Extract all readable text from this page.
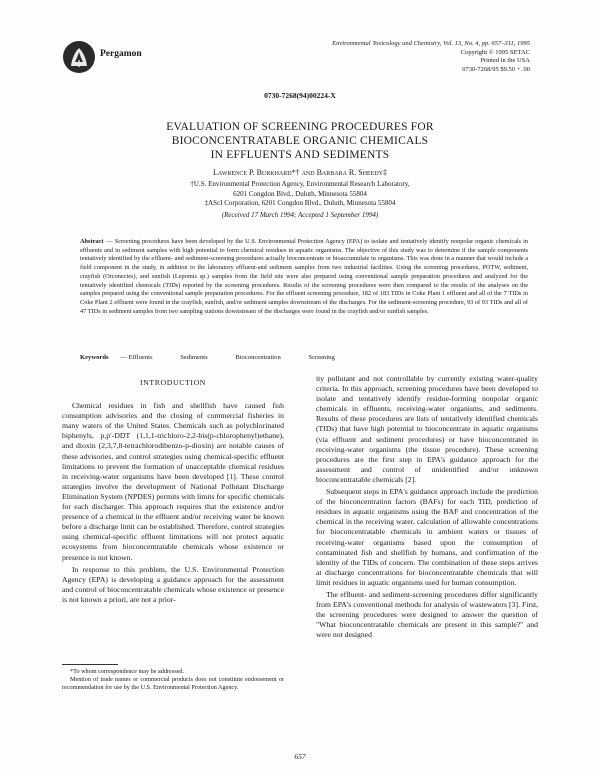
Pergamon
Environmental Toxicology and Chemistry, Vol. 13, No. 4, pp. 657–311, 1995
Copyright © 1995 SETAC
Printed in the USA
0730-7268/95 $9.50 + .00
0730-7268(94)00224-X
EVALUATION OF SCREENING PROCEDURES FOR
BIOCONCENTRATABLE ORGANIC CHEMICALS
IN EFFLUENTS AND SEDIMENTS
Lawrence P. Burkhard*† and Barbara R. Sheedy‡
†U.S. Environmental Protection Agency, Environmental Research Laboratory,
6201 Congdon Blvd., Duluth, Minnesota 55804
‡AScI Corporation, 6201 Congdon Blvd., Duluth, Minnesota 55804
(Received 17 March 1994; Accepted 1 September 1994)
Abstract — Screening procedures have been developed by the U.S. Environmental Protection Agency (EPA) to isolate and tentatively identify nonpolar organic chemicals in effluents and in sediment samples with high potential to form chemical residues in aquatic organisms. The objective of this study was to determine if the sample components tentatively identified by the effluent- and sediment-screening procedures actually bioconcentrate or bioaccumulate in organisms. This was done in a manner that would include a field component in the study, in addition to the laboratory effluent-and sediment samples from two industrial facilities. Using the screening procedures, POTW, sediment, crayfish (Orconectes), and sunfish (Lepomis sp.) samples from the field site were also prepared using conventional sample preparation procedures and analyzed for the tentatively identified chemicals (TIDs) reported by the screening procedures. Results of the screening procedures were then compared to the results of the analyses on the samples prepared using the conventional sample preparation procedures. For the effluent screening procedure, 182 of 183 TIDs in Coke Plant 1 effluent and all of the 7 TIDs in Coke Plant 2 effluent were found in the crayfish, sunfish, and/or sediment samples downstream of the discharges. For the sediment-screening procedure, 93 of 93 TIDs and all of 47 TIDs in sediment samples from two sampling stations downstream of the discharges were found in the crayfish and/or sunfish samples.
Keywords — Effluents	Sediments	Bioconcentration	Screening
INTRODUCTION

Chemical residues in fish and shellfish have caused fish consumption advisories and the closing of commercial fisheries in many waters of the United States. Chemicals such as polychlorinated biphenyls, p,p′-DDT (1,1,1-trichloro-2,2-bis(p-chlorophenyl)ethane), and dioxin (2,3,7,8-tetrachlorodibenzo-p-dioxin) are notable causes of these advisories, and control strategies using chemical-specific effluent limitations to prevent the formation of unacceptable chemical residues in receiving-water organisms have been developed [1]. These control strategies involve the development of National Pollutant Discharge Elimination System (NPDES) permits with limits for specific chemicals for each discharger. This approach requires that the existence and/or presence of a chemical in the effluent and/or receiving water be known before a discharge limit can be established. Therefore, control strategies using chemical-specific effluent limitations will not protect aquatic ecosystems from bioconcentratable chemicals whose existence or presence is not known.

In response to this problem, the U.S. Environmental Protection Agency (EPA) is developing a guidance approach for the assessment and control of bioconcentratable chemicals whose existence or presence is not known a priori, are not a prior-

*To whom correspondence may be addressed.

Mention of trade names or commercial products does not constitute endorsement or recommendation for use by the U.S. Environmental Protection Agency.

ity pollutant and not controllable by currently existing water-quality criteria. In this approach, screening procedures have been developed to isolate and tentatively identify residue-forming nonpolar organic chemicals in effluents, receiving-water organisms, and sediments. Results of these procedures are lists of tentatively identified chemicals (TIDs) that have high potential to bioconcentrate in aquatic organisms (via effluent and sediment procedures) or have bioconcentrated in receiving-water organisms (the tissue procedure). These screening procedures are the first step in EPA's guidance approach for the assessment and control of unidentified and/or unknown bioconcentratable chemicals [2].

Subsequent steps in EPA's guidance approach include the prediction of the bioconcentration factors (BAFs) for each TID, prediction of residues in aquatic organisms using the BAF and concentration of the chemical in the receiving water, calculation of allowable concentrations for bioconcentratable chemicals in ambient waters or tissues of receiving-water organisms based upon the consumption of contaminated fish and shellfish by humans, and confirmation of the identity of the TIDs of concern. The combination of these steps arrives at discharge concentrations for bioconcentratable chemicals that will limit residues in aquatic organisms used for human consumption.

The effluent- and sediment-screening procedures differ significantly from EPA's conventional methods for analysis of wastewaters [3]. First, the screening procedures were designed to answer the question of "What bioconcentratable chemicals are present in this sample?" and were not designed

657
